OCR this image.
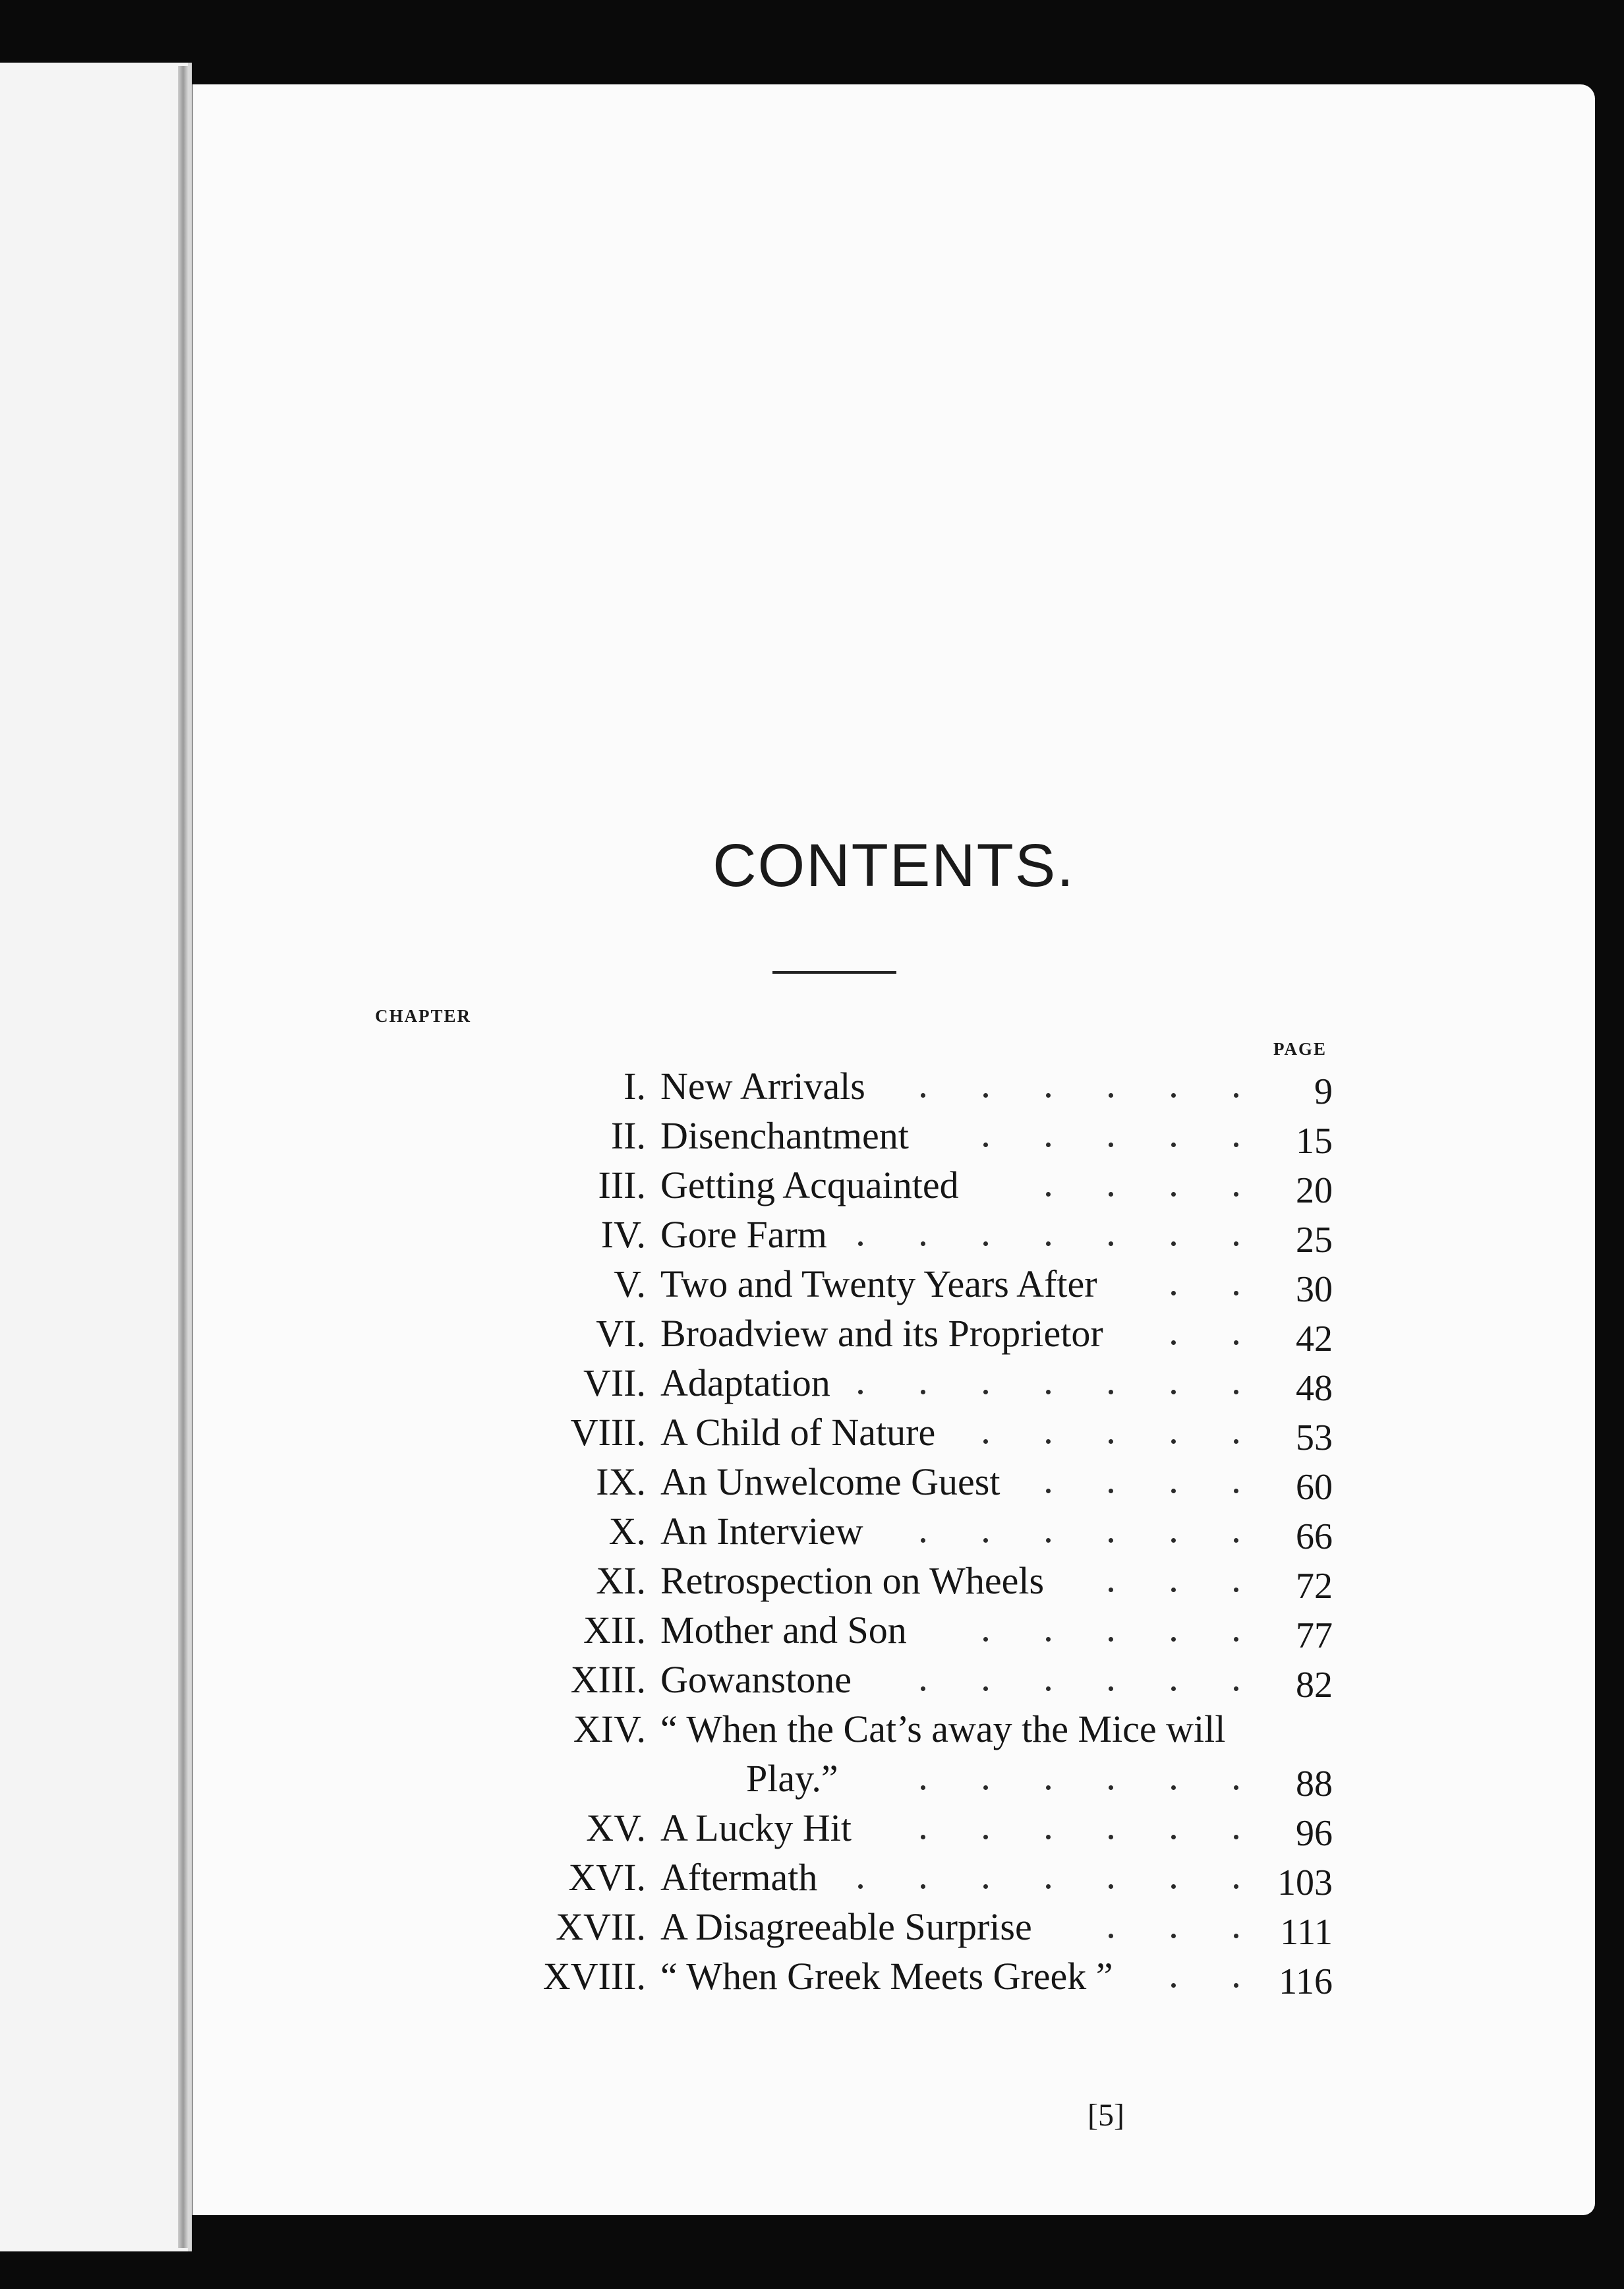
CONTENTS.
CHAPTER
PAGE
I. New Arrivals	9
II. Disenchantment	15
III. Getting Acquainted	20
IV. Gore Farm	25
V. Two and Twenty Years After	30
VI. Broadview and its Proprietor	42
VII. Adaptation	48
VIII. A Child of Nature	53
IX. An Unwelcome Guest	60
X. An Interview	66
XI. Retrospection on Wheels	72
XII. Mother and Son	77
XIII. Gowanstone	82
XIV. “ When the Cat’s away the Mice will
Play.”	88
XV. A Lucky Hit	96
XVI. Aftermath	103
XVII. A Disagreeable Surprise	111
XVIII. “ When Greek Meets Greek ”	116
[5]
